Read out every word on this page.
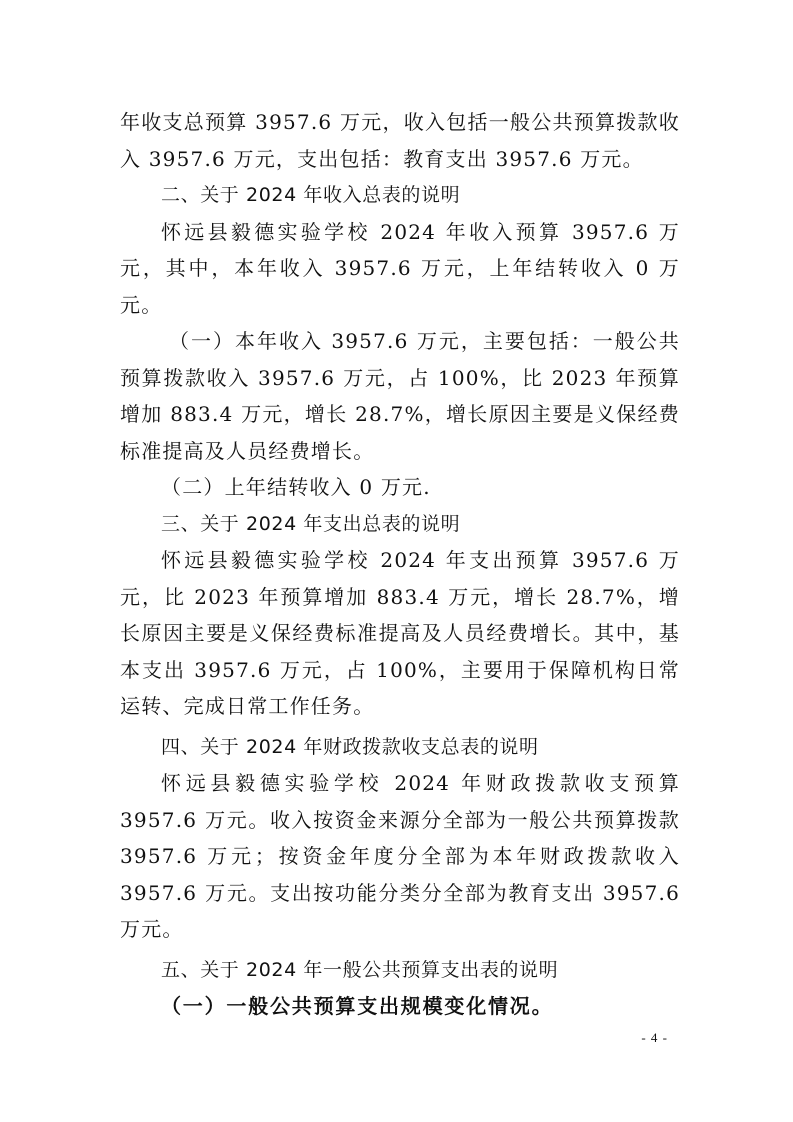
年收支总预算 3957.6 万元，收入包括一般公共预算拨款收入 3957.6 万元，支出包括：教育支出 3957.6 万元。

二、关于 2024 年收入总表的说明

怀远县毅德实验学校 2024 年收入预算 3957.6 万元，其中，本年收入 3957.6 万元，上年结转收入 0 万元。

（一）本年收入 3957.6 万元，主要包括：一般公共预算拨款收入 3957.6 万元，占 100%，比 2023 年预算增加 883.4 万元，增长 28.7%，增长原因主要是义保经费标准提高及人员经费增长。

（二）上年结转收入 0 万元.

三、关于 2024 年支出总表的说明

怀远县毅德实验学校 2024 年支出预算 3957.6 万元，比 2023 年预算增加 883.4 万元，增长 28.7%，增长原因主要是义保经费标准提高及人员经费增长。其中，基本支出 3957.6 万元，占 100%，主要用于保障机构日常运转、完成日常工作任务。

四、关于 2024 年财政拨款收支总表的说明

怀远县毅德实验学校 2024 年财政拨款收支预算 3957.6 万元。收入按资金来源分全部为一般公共预算拨款 3957.6 万元；按资金年度分全部为本年财政拨款收入 3957.6 万元。支出按功能分类分全部为教育支出 3957.6 万元。

五、关于 2024 年一般公共预算支出表的说明

（一）一般公共预算支出规模变化情况。

- 4 -
